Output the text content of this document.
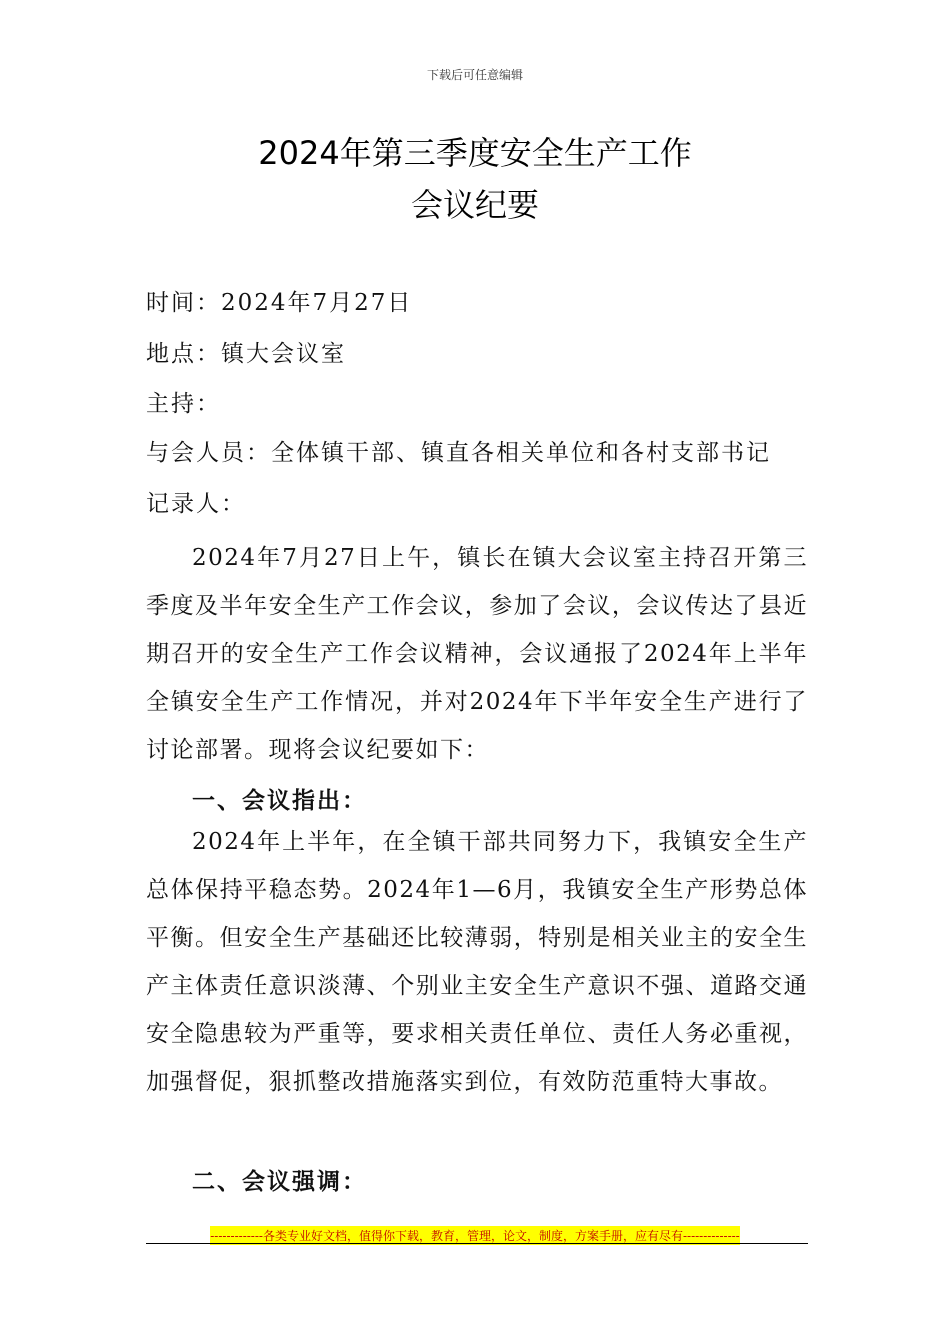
下载后可任意编辑
2024年第三季度安全生产工作
会议纪要
时间：2024年7月27日
地点：镇大会议室
主持：
与会人员：全体镇干部、镇直各相关单位和各村支部书记
记录人：

2024年7月27日上午，镇长在镇大会议室主持召开第三季度及半年安全生产工作会议，参加了会议，会议传达了县近期召开的安全生产工作会议精神，会议通报了2024年上半年全镇安全生产工作情况，并对2024年下半年安全生产进行了讨论部署。现将会议纪要如下：

一、会议指出：

2024年上半年，在全镇干部共同努力下，我镇安全生产总体保持平稳态势。2024年1—6月，我镇安全生产形势总体平衡。但安全生产基础还比较薄弱，特别是相关业主的安全生产主体责任意识淡薄、个别业主安全生产意识不强、道路交通安全隐患较为严重等，要求相关责任单位、责任人务必重视，加强督促，狠抓整改措施落实到位，有效防范重特大事故。

二、会议强调：
-------------各类专业好文档，值得你下载，教育，管理，论文，制度，方案手册，应有尽有--------------
